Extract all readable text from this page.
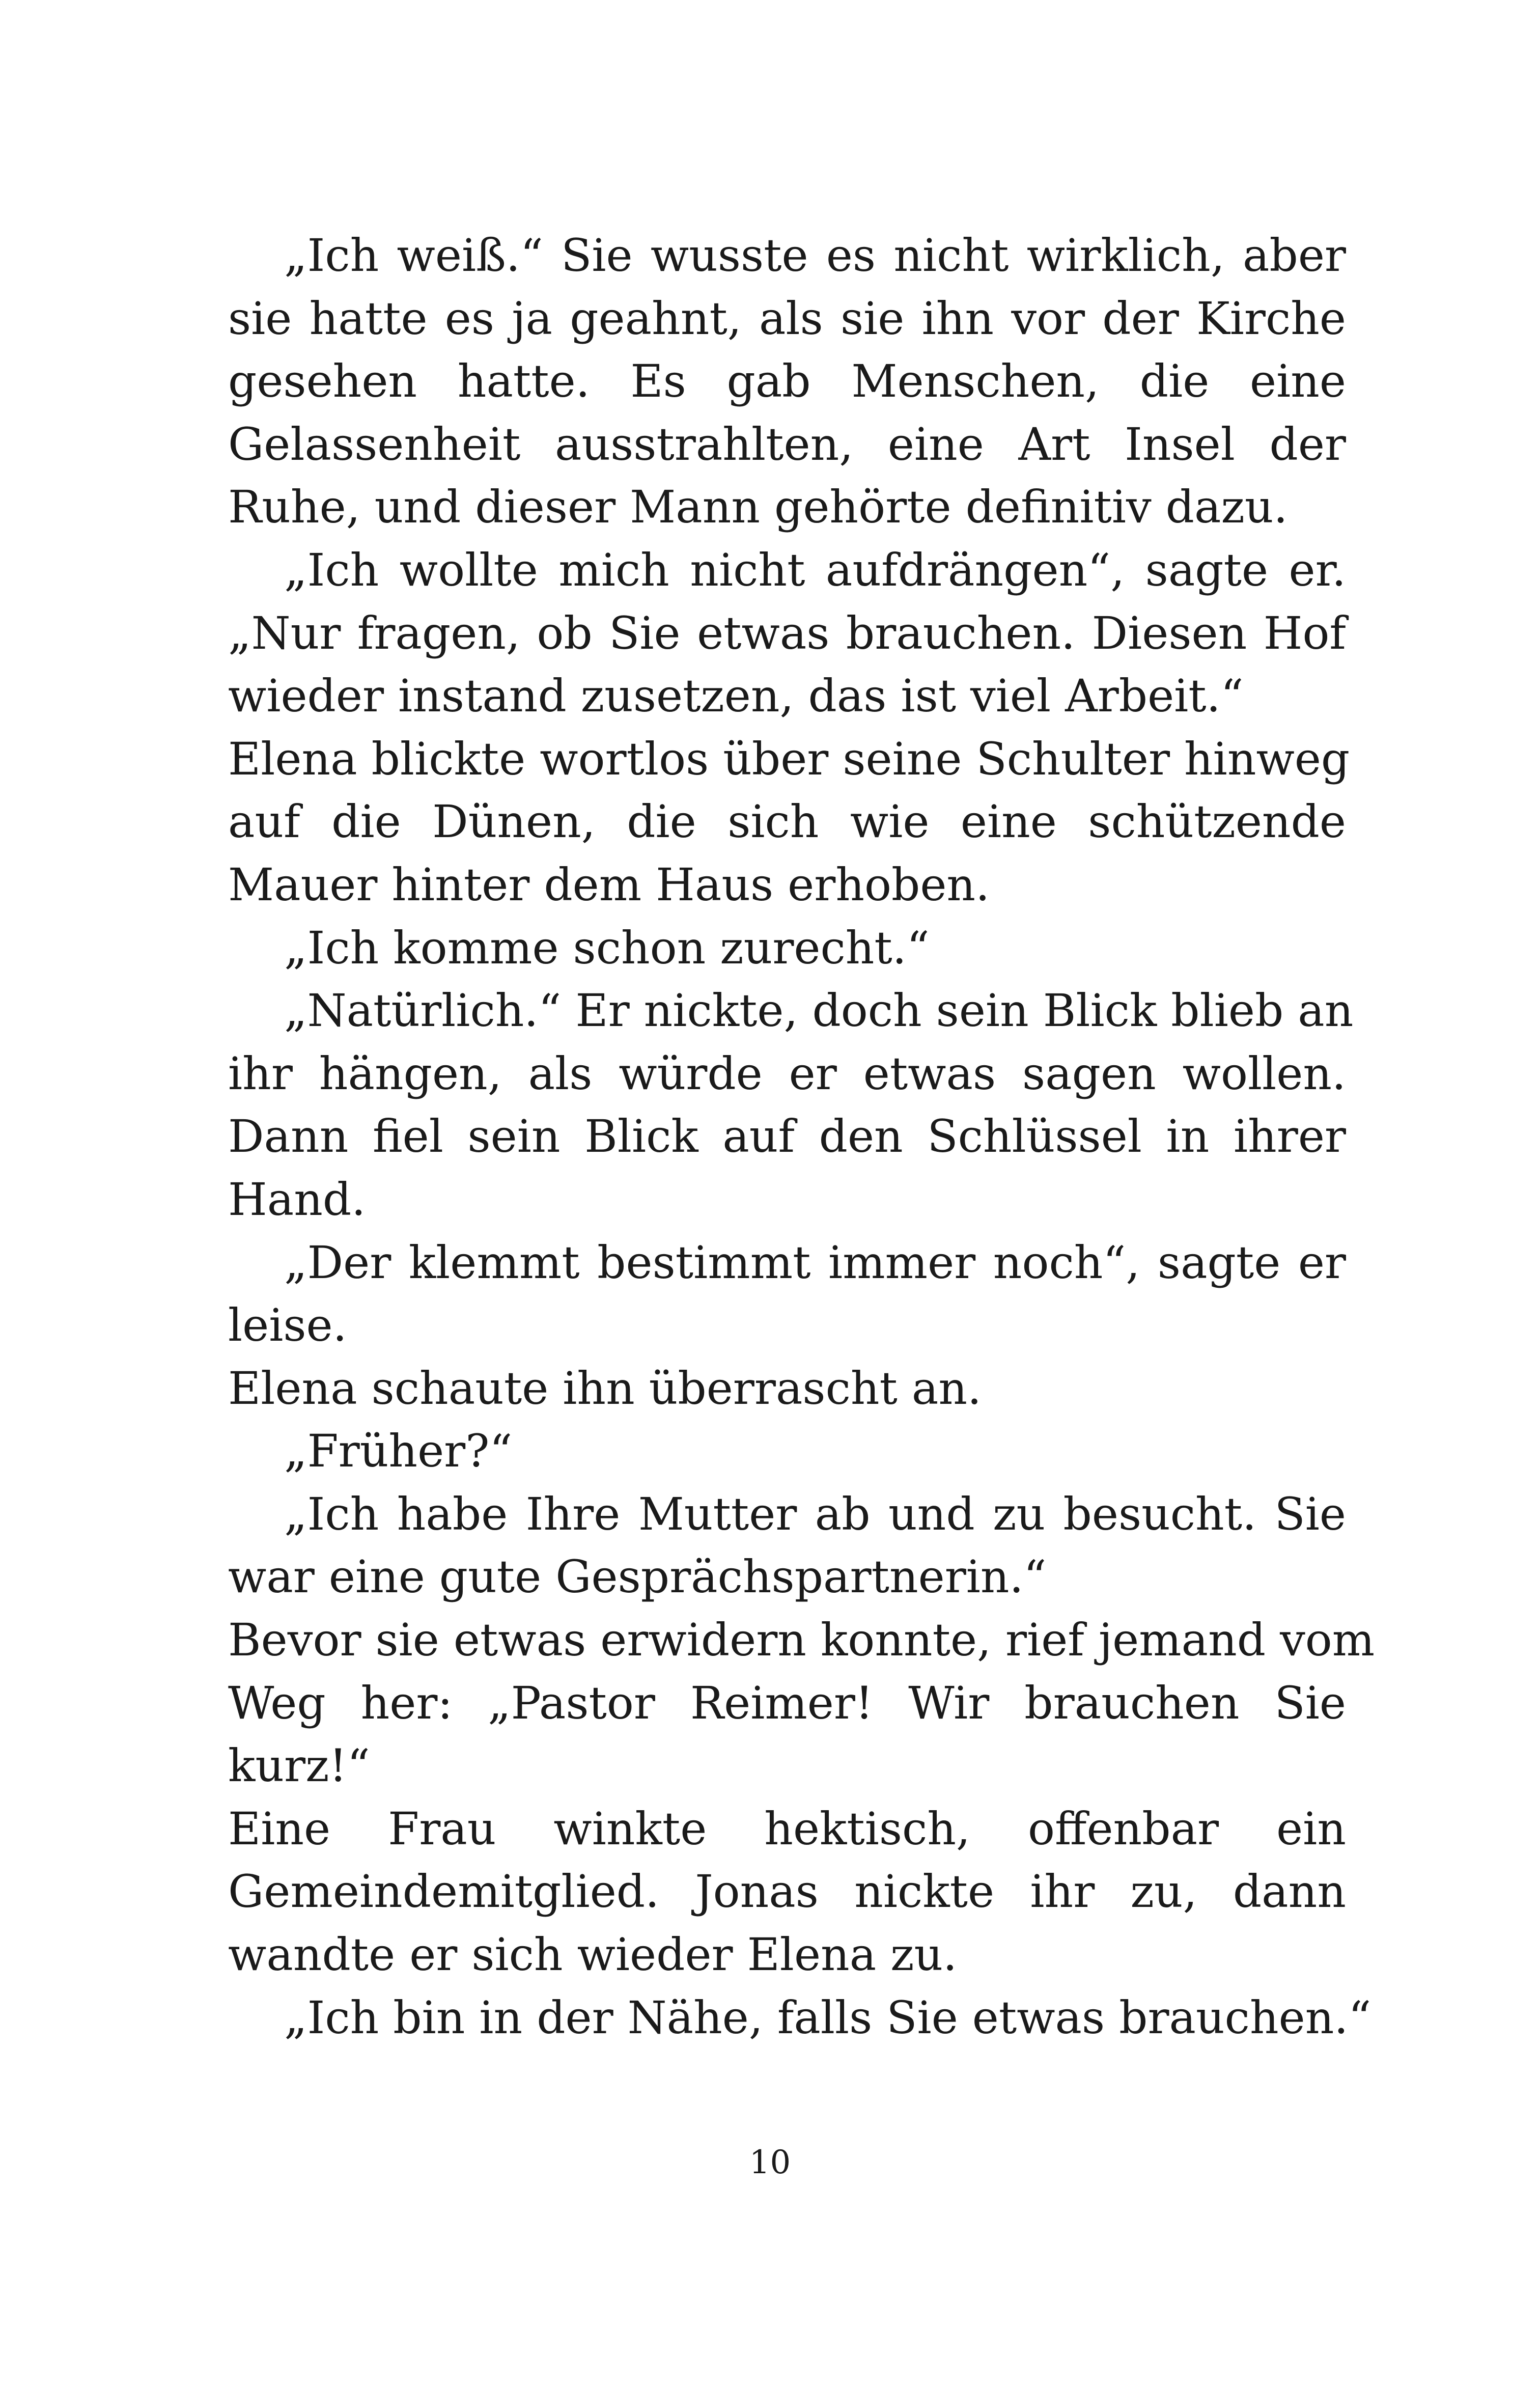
„Ich weiß.“ Sie wusste es nicht wirklich, aber
sie hatte es ja geahnt, als sie ihn vor der Kirche
gesehen hatte. Es gab Menschen, die eine
Gelassenheit ausstrahlten, eine Art Insel der
Ruhe, und dieser Mann gehörte definitiv dazu.
„Ich wollte mich nicht aufdrängen“, sagte er.
„Nur fragen, ob Sie etwas brauchen. Diesen Hof
wieder instand zusetzen, das ist viel Arbeit.“
Elena blickte wortlos über seine Schulter hinweg
auf die Dünen, die sich wie eine schützende
Mauer hinter dem Haus erhoben.
„Ich komme schon zurecht.“
„Natürlich.“ Er nickte, doch sein Blick blieb an
ihr hängen, als würde er etwas sagen wollen.
Dann fiel sein Blick auf den Schlüssel in ihrer
Hand.
„Der klemmt bestimmt immer noch“, sagte er
leise.
Elena schaute ihn überrascht an.
„Früher?“
„Ich habe Ihre Mutter ab und zu besucht. Sie
war eine gute Gesprächspartnerin.“
Bevor sie etwas erwidern konnte, rief jemand vom
Weg her: „Pastor Reimer! Wir brauchen Sie
kurz!“
Eine Frau winkte hektisch, offenbar ein
Gemeindemitglied. Jonas nickte ihr zu, dann
wandte er sich wieder Elena zu.
„Ich bin in der Nähe, falls Sie etwas brauchen.“
10
